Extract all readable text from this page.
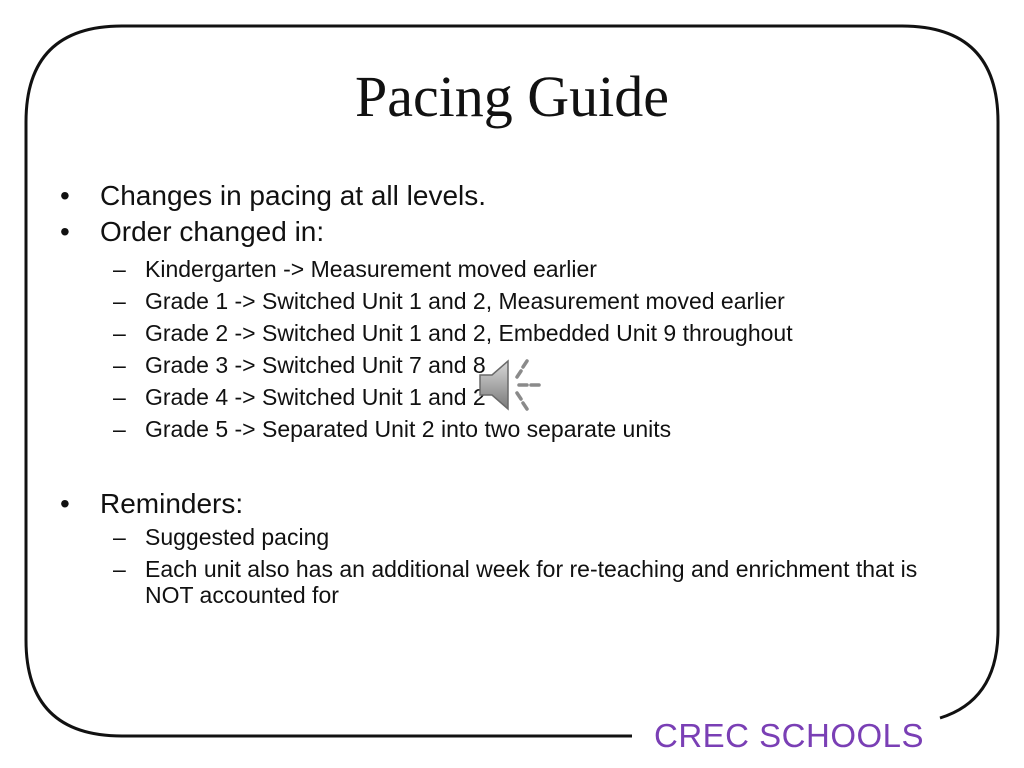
Pacing Guide
•	Changes in pacing at all levels.
•	Order changed in:
– Kindergarten -> Measurement moved earlier
– Grade 1 -> Switched Unit 1 and 2, Measurement moved earlier
– Grade 2 -> Switched Unit 1 and 2, Embedded Unit 9 throughout
– Grade 3 -> Switched Unit 7 and 8
– Grade 4 -> Switched Unit 1 and 2
– Grade 5 -> Separated Unit 2 into two separate units
•	Reminders:
– Suggested pacing
– Each unit also has an additional week for re-teaching and enrichment that is NOT accounted for
CREC SCHOOLS
